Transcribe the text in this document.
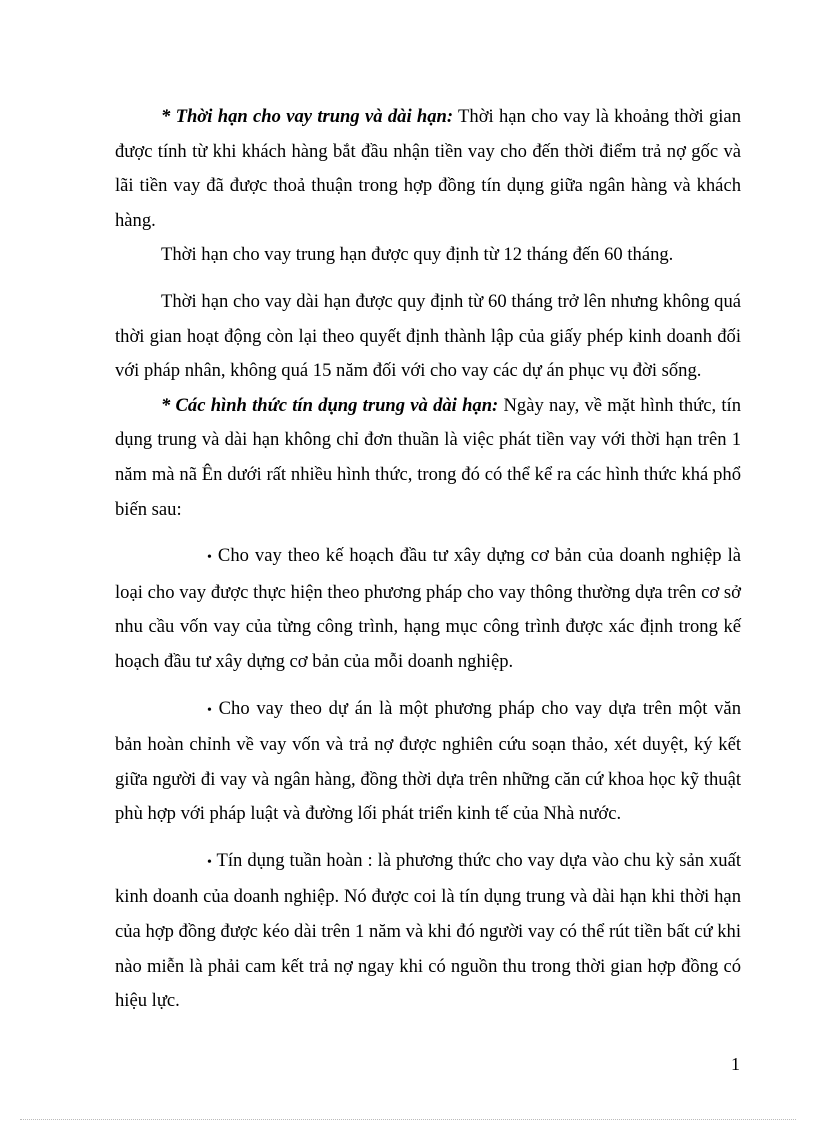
* Thời hạn cho vay trung và dài hạn: Thời hạn cho vay là khoảng thời gian được tính từ khi khách hàng bắt đầu nhận tiền vay cho đến thời điểm trả nợ gốc và lãi tiền vay đã được thoả thuận trong hợp đồng tín dụng giữa ngân hàng và khách hàng.

Thời hạn cho vay trung hạn được quy định từ 12 tháng đến 60 tháng.

Thời hạn cho vay dài hạn được quy định từ 60 tháng trở lên nhưng không quá thời gian hoạt động còn lại theo quyết định thành lập của giấy phép kinh doanh đối với pháp nhân, không quá 15 năm đối với cho vay các dự án phục vụ đời sống.

* Các hình thức tín dụng trung và dài hạn: Ngày nay, về mặt hình thức, tín dụng trung và dài hạn không chỉ đơn thuần là việc phát tiền vay với thời hạn trên 1 năm mà nã Ên dưới rất nhiều hình thức, trong đó có thể kể ra các hình thức khá phổ biến sau:

• Cho vay theo kế hoạch đầu tư xây dựng cơ bản của doanh nghiệp là loại cho vay được thực hiện theo phương pháp cho vay thông thường dựa trên cơ sở nhu cầu vốn vay của từng công trình, hạng mục công trình được xác định trong kế hoạch đầu tư xây dựng cơ bản của mỗi doanh nghiệp.

• Cho vay theo dự án là một phương pháp cho vay dựa trên một văn bản hoàn chỉnh về vay vốn và trả nợ được nghiên cứu soạn thảo, xét duyệt, ký kết giữa người đi vay và ngân hàng, đồng thời dựa trên những căn cứ khoa học kỹ thuật phù hợp với pháp luật và đường lối phát triển kinh tế của Nhà nước.

• Tín dụng tuần hoàn : là phương thức cho vay dựa vào chu kỳ sản xuất kinh doanh của doanh nghiệp. Nó được coi là tín dụng trung và dài hạn khi thời hạn của hợp đồng được kéo dài trên 1 năm và khi đó người vay có thể rút tiền bất cứ khi nào miễn là phải cam kết trả nợ ngay khi có nguồn thu trong thời gian hợp đồng có hiệu lực.

1
